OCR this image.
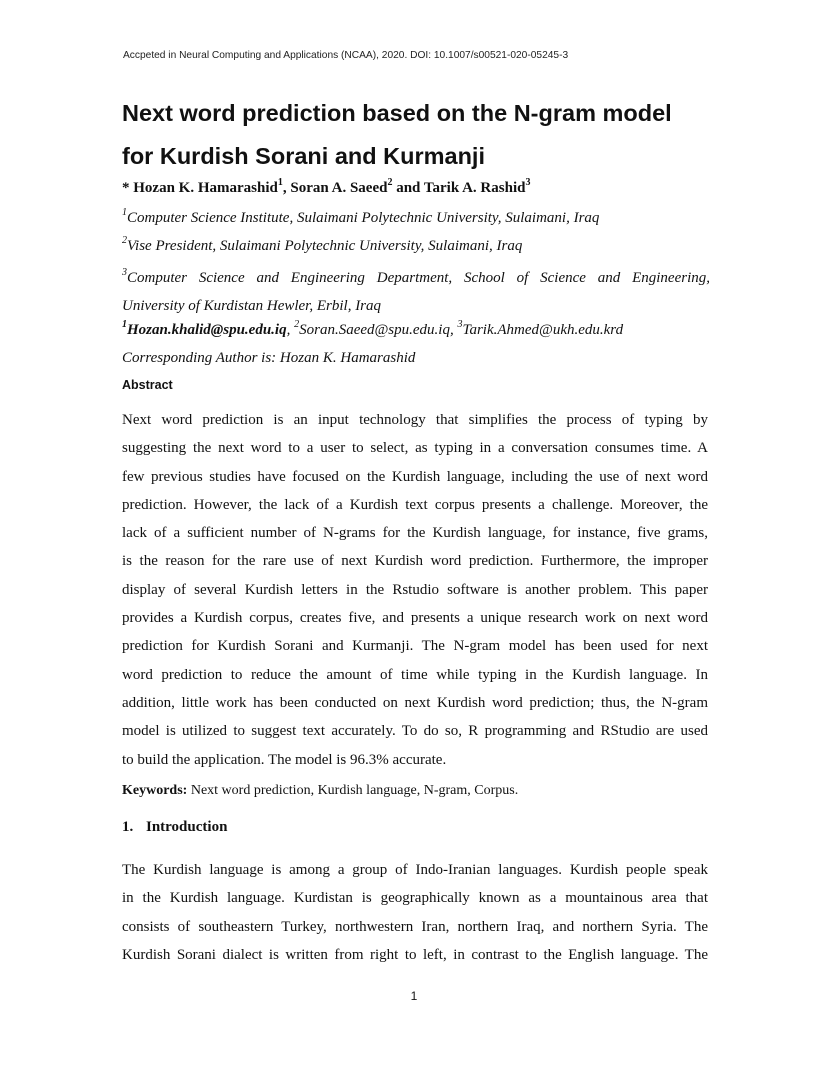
Accpeted in Neural Computing and Applications (NCAA), 2020. DOI: 10.1007/s00521-020-05245-3
Next word prediction based on the N-gram model
for Kurdish Sorani and Kurmanji
* Hozan K. Hamarashid$^1$, Soran A. Saeed$^2$ and Tarik A. Rashid$^3$
$^1$Computer Science Institute, Sulaimani Polytechnic University, Sulaimani, Iraq
$^2$Vise President, Sulaimani Polytechnic University, Sulaimani, Iraq
$^3$Computer Science and Engineering Department, School of Science and Engineering,
University of Kurdistan Hewler, Erbil, Iraq
$^1$Hozan.khalid@spu.edu.iq, $^2$Soran.Saeed@spu.edu.iq, $^3$Tarik.Ahmed@ukh.edu.krd
Corresponding Author is: Hozan K. Hamarashid
Abstract
Next word prediction is an input technology that simplifies the process of typing by
suggesting the next word to a user to select, as typing in a conversation consumes time. A
few previous studies have focused on the Kurdish language, including the use of next word
prediction. However, the lack of a Kurdish text corpus presents a challenge. Moreover, the
lack of a sufficient number of N-grams for the Kurdish language, for instance, five grams,
is the reason for the rare use of next Kurdish word prediction. Furthermore, the improper
display of several Kurdish letters in the Rstudio software is another problem. This paper
provides a Kurdish corpus, creates five, and presents a unique research work on next word
prediction for Kurdish Sorani and Kurmanji. The N-gram model has been used for next
word prediction to reduce the amount of time while typing in the Kurdish language. In
addition, little work has been conducted on next Kurdish word prediction; thus, the N-gram
model is utilized to suggest text accurately. To do so, R programming and RStudio are used
to build the application. The model is 96.3% accurate.
Keywords: Next word prediction, Kurdish language, N-gram, Corpus.
1. Introduction
The Kurdish language is among a group of Indo-Iranian languages. Kurdish people speak
in the Kurdish language. Kurdistan is geographically known as a mountainous area that
consists of southeastern Turkey, northwestern Iran, northern Iraq, and northern Syria. The
Kurdish Sorani dialect is written from right to left, in contrast to the English language. The
1
